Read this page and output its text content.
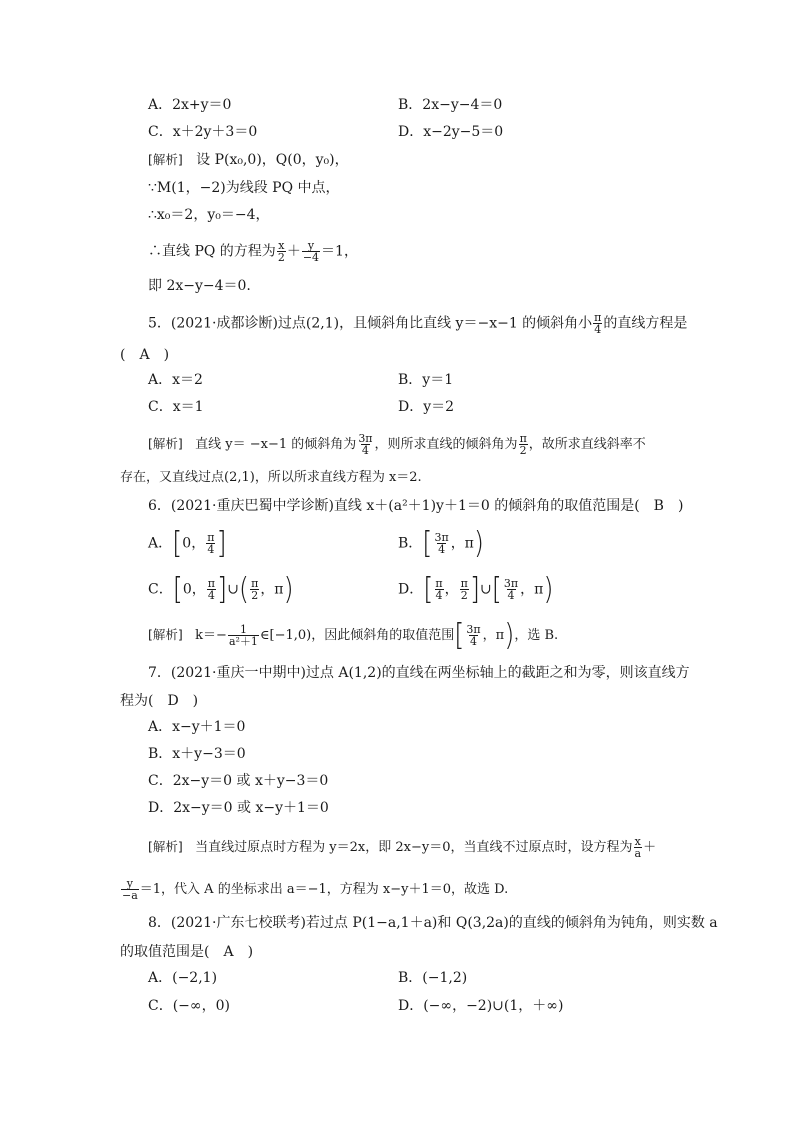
A．2x+y＝0	B．2x−y−4＝0
C．x＋2y＋3＝0	D．x−2y−5＝0
[解析] 设 P(x₀,0)，Q(0，y₀)，
∵M(1，−2)为线段 PQ 中点，
∴x₀＝2，y₀＝−4，
∴直线 PQ 的方程为 $\frac{x}{2} + \frac{y}{-4} =1$，
即 2x−y−4＝0.
5．(2021·成都诊断)过点(2,1)，且倾斜角比直线 y＝−x−1 的倾斜角小 $\frac{\pi}{4}$ 的直线方程是
(　A　)
A．x＝2	B．y＝1
C．x＝1	D．y＝2
[解析] 直线 y＝ −x−1 的倾斜角为 $\frac{3\pi}{4}$ ，则所求直线的倾斜角为 $\frac{\pi}{2}$ ，故所求直线斜率不
存在，又直线过点(2,1)，所以所求直线方程为 x＝2.
6．(2021·重庆巴蜀中学诊断)直线 x＋(a²＋1)y＋1＝0 的倾斜角的取值范围是(　B　)
A．[0， $\frac{\pi}{4}$ ]	B．[ $\frac{3\pi}{4}$ ，π)
C．[0， $\frac{\pi}{4}$ ]∪( $\frac{\pi}{2}$ ，π)	D．[ $\frac{\pi}{4}$ ， $\frac{\pi}{2}$ ]∪[ $\frac{3\pi}{4}$ ，π)
[解析] $k=- \frac{1}{\text{a²＋1}}$ ∈[−1,0)，因此倾斜角的取值范围[ $\frac{3\pi}{4}$ ，π)，选 B.
7．(2021·重庆一中期中)过点 A(1,2)的直线在两坐标轴上的截距之和为零，则该直线方
程为(　D　)
A．x−y＋1＝0
B．x＋y−3＝0
C．2x−y＝0 或 x＋y−3＝0
D．2x−y＝0 或 x−y＋1＝0
[解析] 当直线过原点时方程为 y＝2x，即 2x−y＝0，当直线不过原点时，设方程为 $\frac{x}{a}$ ＋
$\frac{y}{-a} =1$，代入 A 的坐标求出 a＝−1，方程为 x−y＋1＝0，故选 D.
8．(2021·广东七校联考)若过点 P(1−a,1＋a)和 Q(3,2a)的直线的倾斜角为钝角，则实数 a
的取值范围是(　A　)
A．(−2,1)	B．(−1,2)
C．(−∞，0)	D．(−∞，−2)∪(1，＋∞)
